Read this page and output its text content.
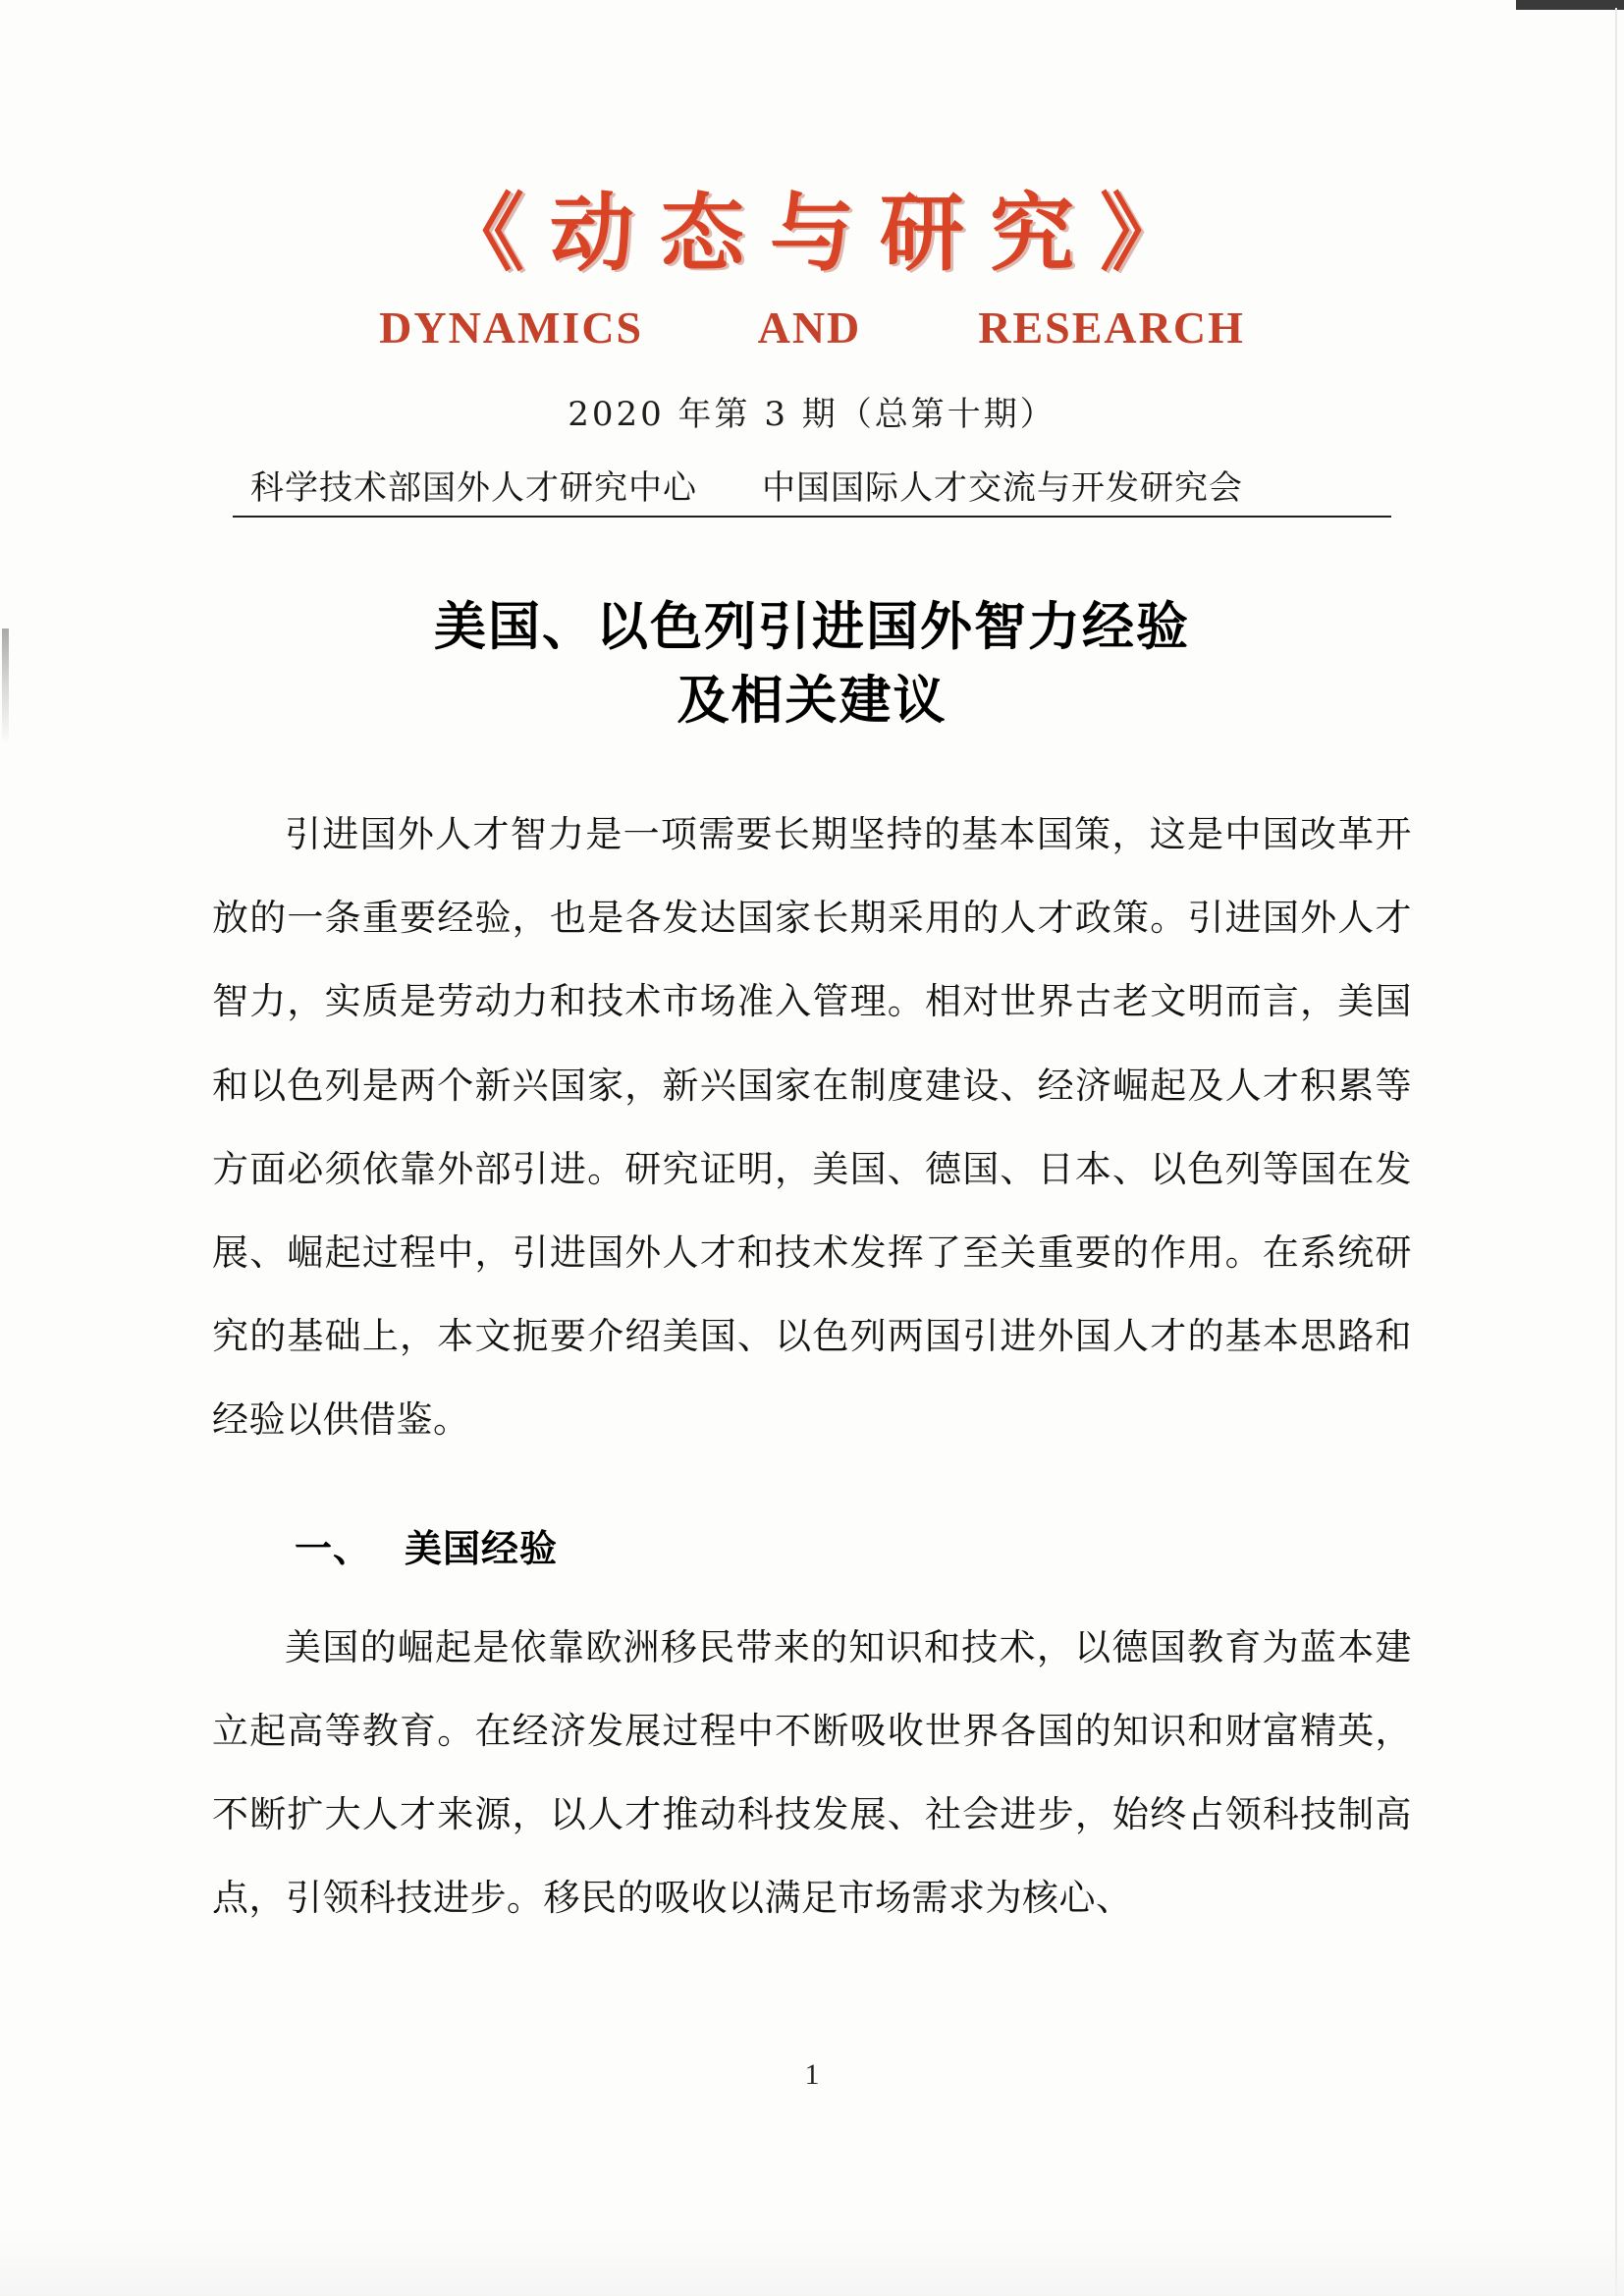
《动态与研究》
DYNAMICS	AND	RESEARCH
2020 年第 3 期（总第十期）
科学技术部国外人才研究中心 中国国际人才交流与开发研究会
美国、以色列引进国外智力经验
及相关建议

引进国外人才智力是一项需要长期坚持的基本国策，这是中国改革开放的一条重要经验，也是各发达国家长期采用的人才政策。引进国外人才智力，实质是劳动力和技术市场准入管理。相对世界古老文明而言，美国和以色列是两个新兴国家，新兴国家在制度建设、经济崛起及人才积累等方面必须依靠外部引进。研究证明，美国、德国、日本、以色列等国在发展、崛起过程中，引进国外人才和技术发挥了至关重要的作用。在系统研究的基础上，本文扼要介绍美国、以色列两国引进外国人才的基本思路和经验以供借鉴。

一、 美国经验

美国的崛起是依靠欧洲移民带来的知识和技术，以德国教育为蓝本建立起高等教育。在经济发展过程中不断吸收世界各国的知识和财富精英，不断扩大人才来源，以人才推动科技发展、社会进步，始终占领科技制高点，引领科技进步。移民的吸收以满足市场需求为核心、

1
